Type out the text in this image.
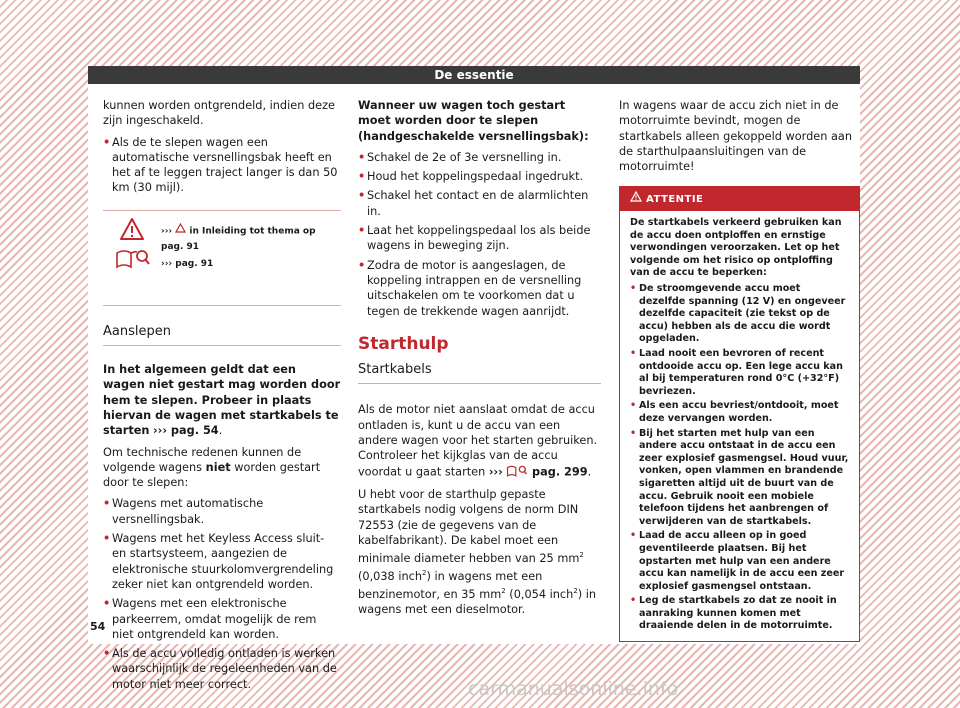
De essentie

kunnen worden ontgrendeld, indien deze zijn ingeschakeld.

• Als de te slepen wagen een automatische versnellingsbak heeft en het af te leggen traject langer is dan 50 km (30 mijl).
››› in Inleiding tot thema op pag. 91
››› pag. 91
Aanslepen

In het algemeen geldt dat een wagen niet gestart mag worden door hem te slepen. Probeer in plaats hiervan de wagen met startkabels te starten ››› pag. 54.

Om technische redenen kunnen de volgende wagens niet worden gestart door te slepen:

• Wagens met automatische versnellingsbak.
• Wagens met het Keyless Access sluit- en startsysteem, aangezien de elektronische stuurkolomvergrendeling zeker niet kan ontgrendeld worden.
• Wagens met een elektronische parkeerrem, omdat mogelijk de rem niet ontgrendeld kan worden.
• Als de accu volledig ontladen is werken waarschijnlijk de regeleenheden van de motor niet meer correct.

Wanneer uw wagen toch gestart moet worden door te slepen (handgeschakelde versnellingsbak):

• Schakel de 2e of 3e versnelling in.
• Houd het koppelingspedaal ingedrukt.
• Schakel het contact en de alarmlichten in.
• Laat het koppelingspedaal los als beide wagens in beweging zijn.
• Zodra de motor is aangeslagen, de koppeling intrappen en de versnelling uitschakelen om te voorkomen dat u tegen de trekkende wagen aanrijdt.
Starthulp
Startkabels

Als de motor niet aanslaat omdat de accu ontladen is, kunt u de accu van een andere wagen voor het starten gebruiken. Controleer het kijkglas van de accu voordat u gaat starten ›››	pag. 299.

U hebt voor de starthulp gepaste startkabels nodig volgens de norm DIN 72553 (zie de gegevens van de kabelfabrikant). De kabel moet een minimale diameter hebben van 25 $mm^2$ (0,038 inch$^2$) in wagens met een benzinemotor, en 35 $mm^2$ (0,054 inch$^2$) in wagens met een dieselmotor.

In wagens waar de accu zich niet in de motorruimte bevindt, mogen de startkabels alleen gekoppeld worden aan de starthulpaansluitingen van de motorruimte!

ATTENTIE

De startkabels verkeerd gebruiken kan de accu doen ontploffen en ernstige verwondingen veroorzaken. Let op het volgende om het risico op ontploffing van de accu te beperken:

• De stroomgevende accu moet dezelfde spanning (12 V) en ongeveer dezelfde capaciteit (zie tekst op de accu) hebben als de accu die wordt opgeladen.
• Laad nooit een bevroren of recent ontdooide accu op. Een lege accu kan al bij temperaturen rond 0°C (+32°F) bevriezen.
• Als een accu bevriest/ontdooit, moet deze vervangen worden.
• Bij het starten met hulp van een andere accu ontstaat in de accu een zeer explosief gasmengsel. Houd vuur, vonken, open vlammen en brandende sigaretten altijd uit de buurt van de accu. Gebruik nooit een mobiele telefoon tijdens het aanbrengen of verwijderen van de startkabels.
• Laad de accu alleen op in goed geventileerde plaatsen. Bij het opstarten met hulp van een andere accu kan namelijk in de accu een zeer explosief gasmengsel ontstaan.
• Leg de startkabels zo dat ze nooit in aanraking kunnen komen met draaiende delen in de motorruimte.
54
carmanualsonline.info
